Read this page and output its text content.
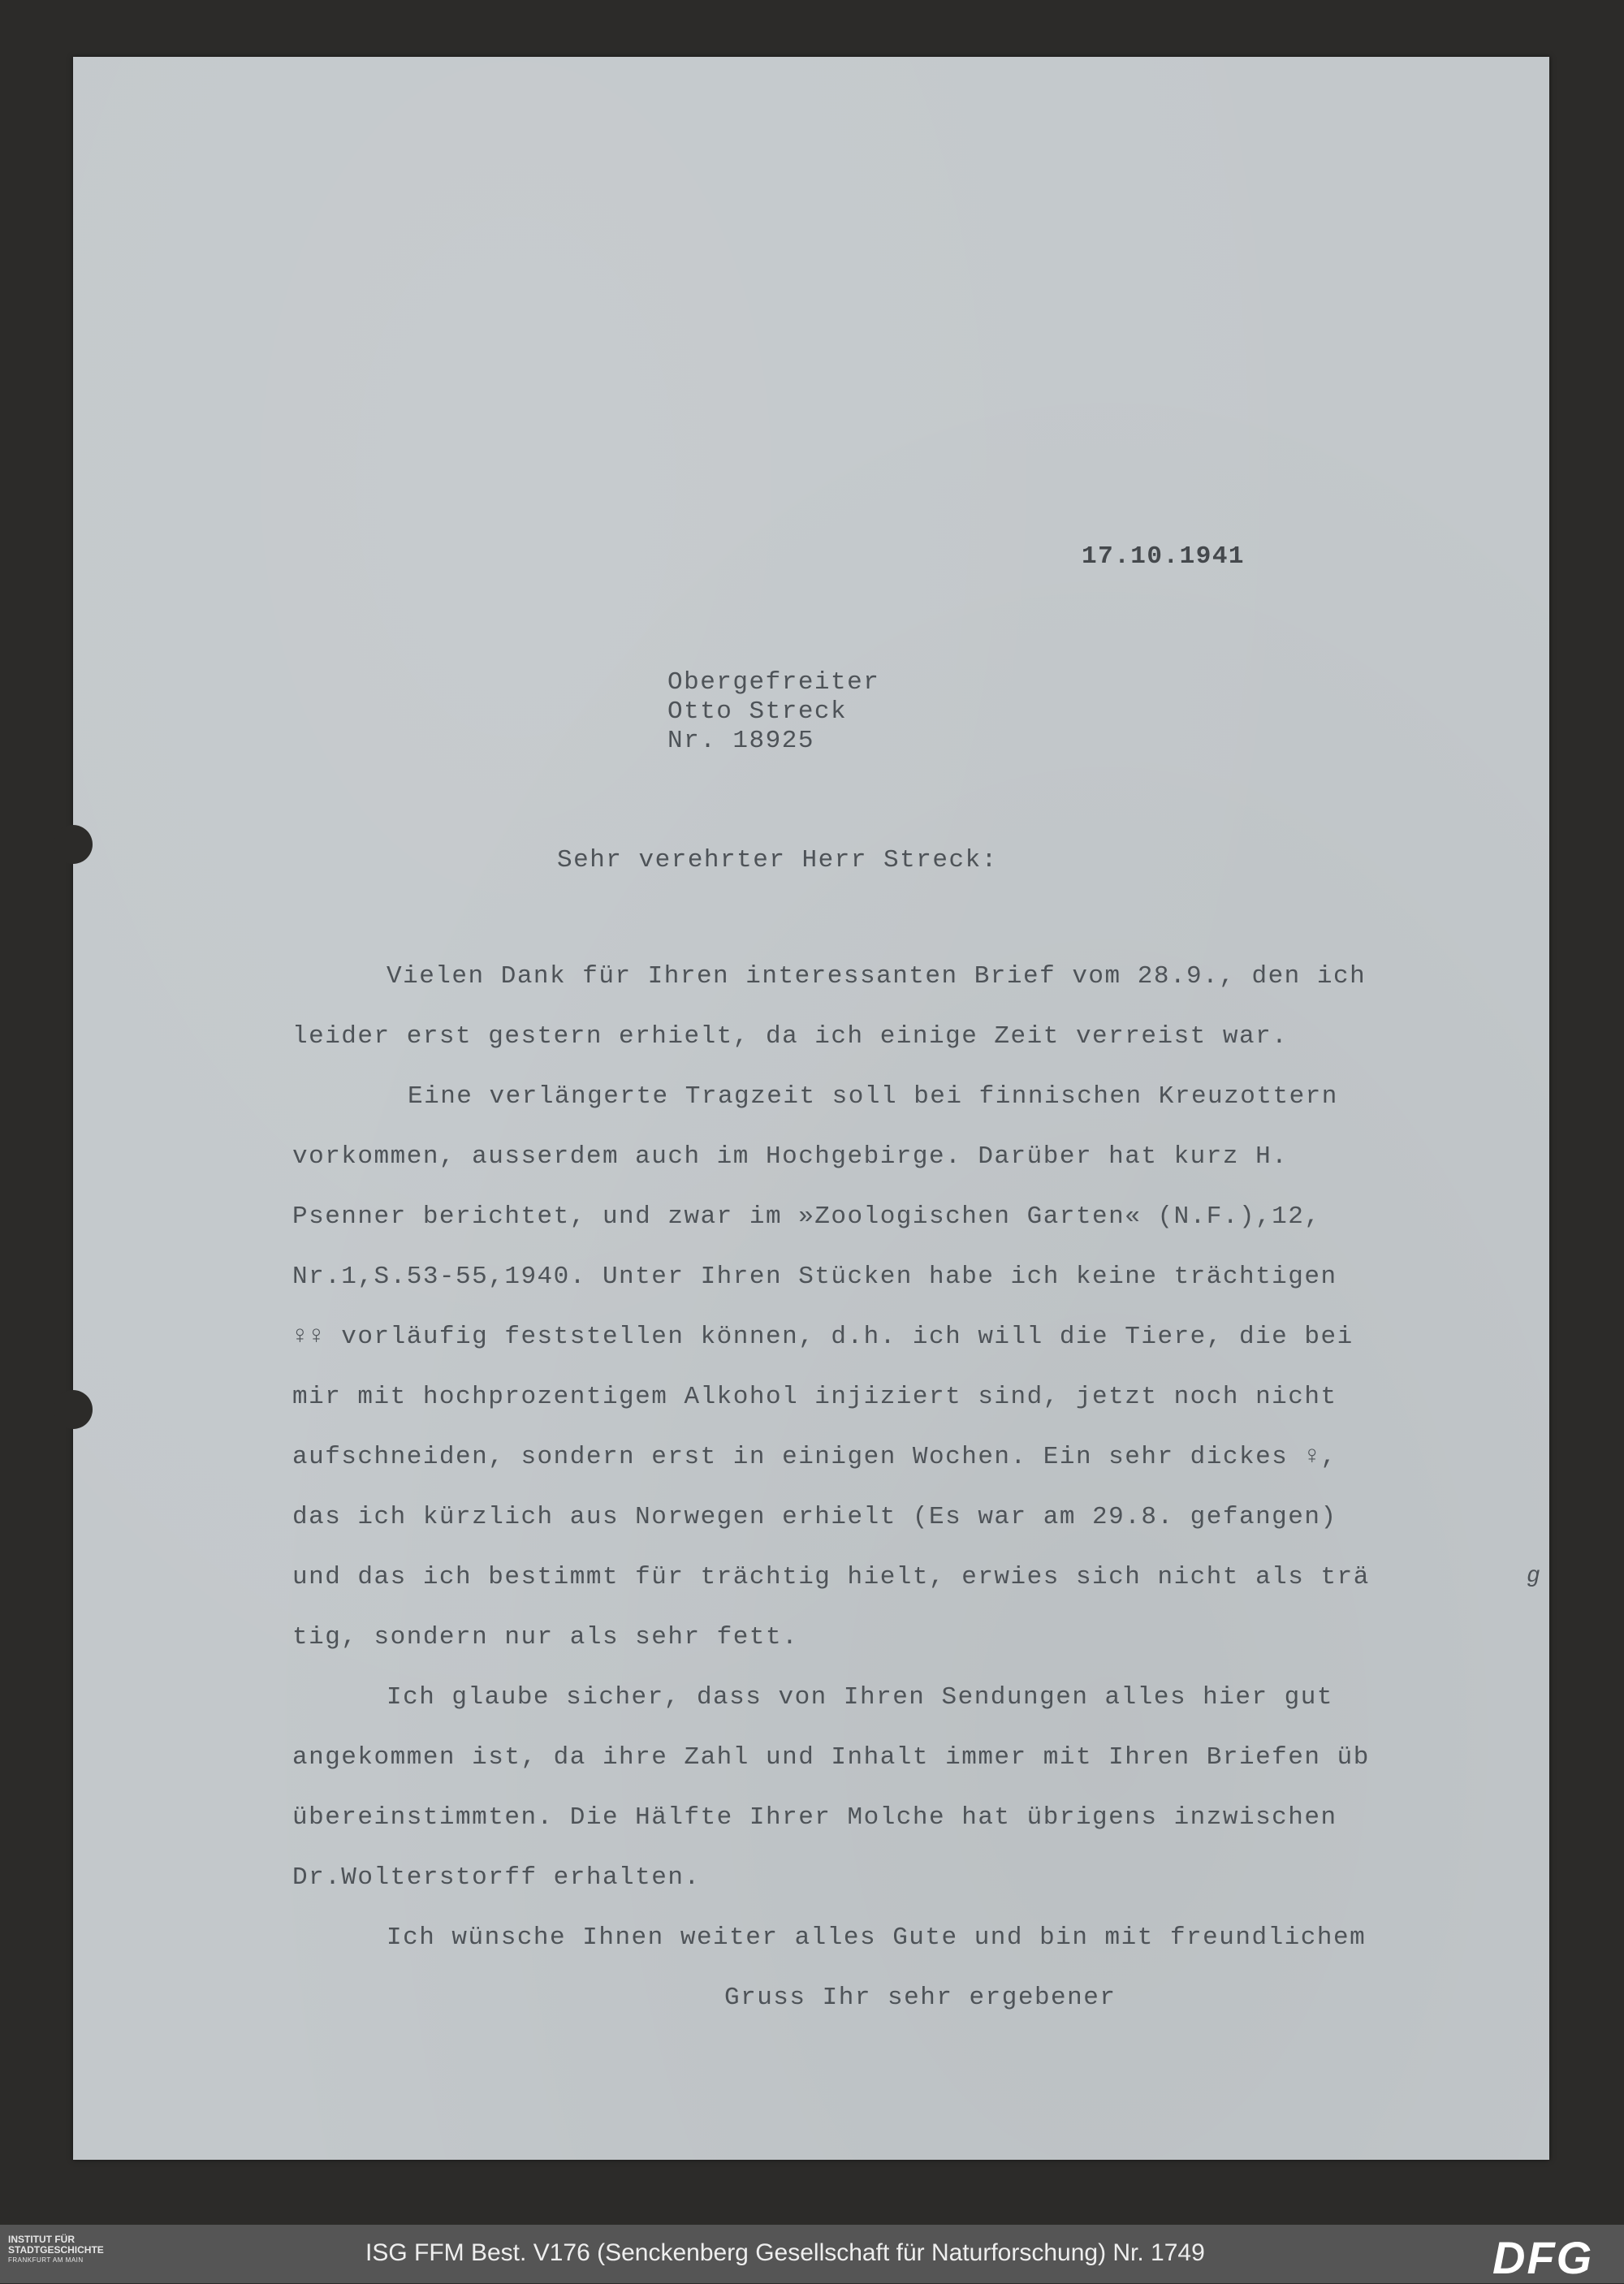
17.10.1941
Obergefreiter
Otto Streck
Nr. 18925
Sehr verehrter Herr Streck:
Vielen Dank für Ihren interessanten Brief vom 28.9., den ich
leider erst gestern erhielt, da ich einige Zeit verreist war.
Eine verlängerte Tragzeit soll bei finnischen Kreuzottern
vorkommen, ausserdem auch im Hochgebirge. Darüber hat kurz H.
Psenner berichtet, und zwar im »Zoologischen Garten« (N.F.),12,
Nr.1,S.53-55,1940. Unter Ihren Stücken habe ich keine trächtigen
♀♀ vorläufig feststellen können, d.h. ich will die Tiere, die bei
mir mit hochprozentigem Alkohol injiziert sind, jetzt noch nicht
aufschneiden, sondern erst in einigen Wochen. Ein sehr dickes ♀,
das ich kürzlich aus Norwegen erhielt (Es war am 29.8. gefangen)
und das ich bestimmt für trächtig hielt, erwies sich nicht als trä	g
tig, sondern nur als sehr fett.
Ich glaube sicher, dass von Ihren Sendungen alles hier gut
angekommen ist, da ihre Zahl und Inhalt immer mit Ihren Briefen üb
übereinstimmten. Die Hälfte Ihrer Molche hat übrigens inzwischen
Dr.Wolterstorff erhalten.
Ich wünsche Ihnen weiter alles Gute und bin mit freundlichem
Gruss Ihr sehr ergebener
INSTITUT FÜR
STADTGESCHICHTE
FRANKFURT AM MAIN	ISG FFM Best. V176 (Senckenberg Gesellschaft für Naturforschung) Nr. 1749	DFG
